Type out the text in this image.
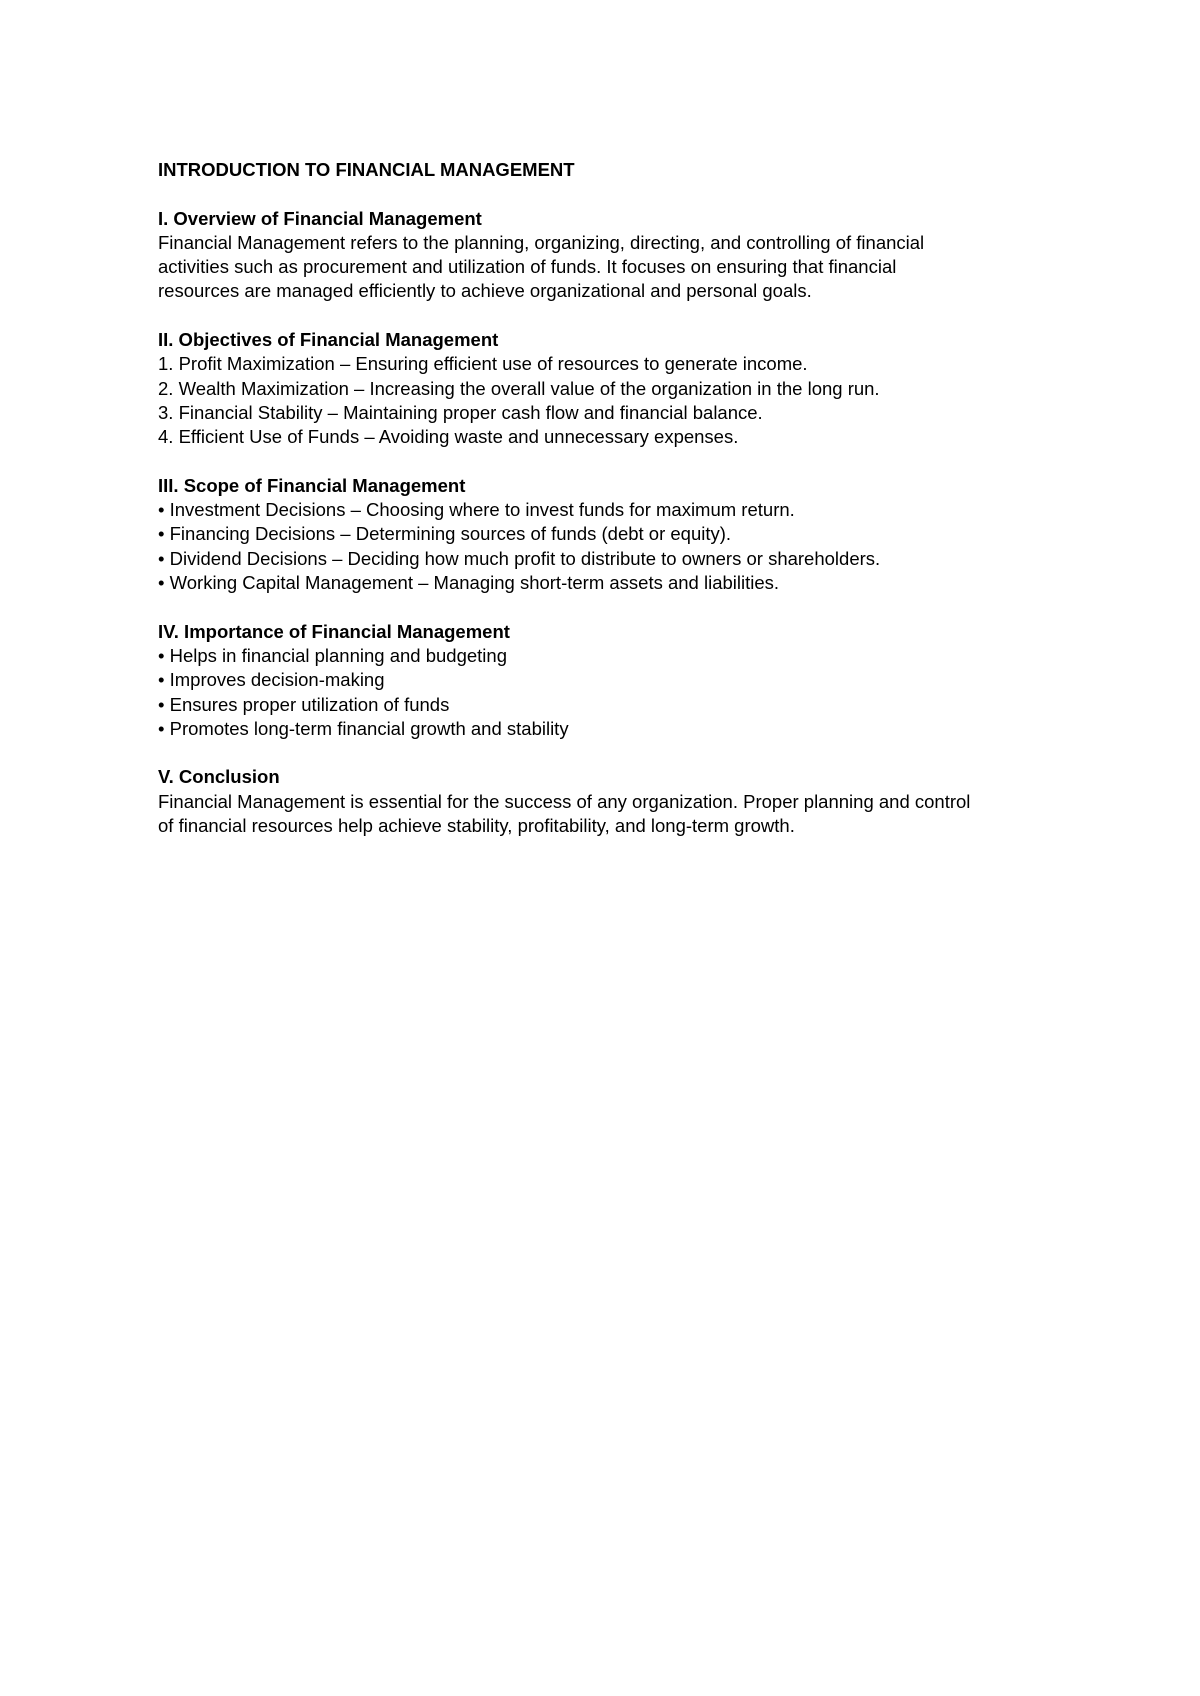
INTRODUCTION TO FINANCIAL MANAGEMENT
I. Overview of Financial Management
Financial Management refers to the planning, organizing, directing, and controlling of financial
activities such as procurement and utilization of funds. It focuses on ensuring that financial
resources are managed efficiently to achieve organizational and personal goals.
II. Objectives of Financial Management
1. Profit Maximization – Ensuring efficient use of resources to generate income.
2. Wealth Maximization – Increasing the overall value of the organization in the long run.
3. Financial Stability – Maintaining proper cash flow and financial balance.
4. Efficient Use of Funds – Avoiding waste and unnecessary expenses.
III. Scope of Financial Management
• Investment Decisions – Choosing where to invest funds for maximum return.
• Financing Decisions – Determining sources of funds (debt or equity).
• Dividend Decisions – Deciding how much profit to distribute to owners or shareholders.
• Working Capital Management – Managing short-term assets and liabilities.
IV. Importance of Financial Management
• Helps in financial planning and budgeting
• Improves decision-making
• Ensures proper utilization of funds
• Promotes long-term financial growth and stability
V. Conclusion
Financial Management is essential for the success of any organization. Proper planning and control
of financial resources help achieve stability, profitability, and long-term growth.
